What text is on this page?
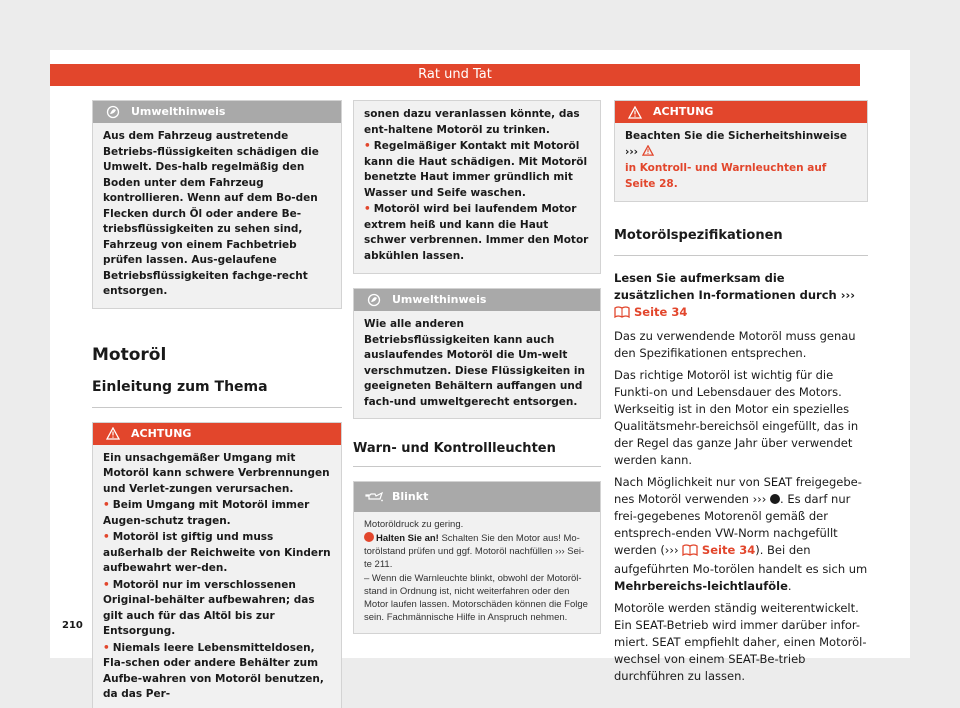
Rat und Tat
Umwelthinweis
Aus dem Fahrzeug austretende Betriebs-flüssigkeiten schädigen die Umwelt. Des-halb regelmäßig den Boden unter dem Fahrzeug kontrollieren. Wenn auf dem Bo-den Flecken durch Öl oder andere Be-triebsflüssigkeiten zu sehen sind, Fahrzeug von einem Fachbetrieb prüfen lassen. Aus-gelaufene Betriebsflüssigkeiten fachge-recht entsorgen.
Motoröl
Einleitung zum Thema
ACHTUNG

Ein unsachgemäßer Umgang mit Motoröl kann schwere Verbrennungen und Verlet-zungen verursachen.

• Beim Umgang mit Motoröl immer Augen-schutz tragen.

• Motoröl ist giftig und muss außerhalb der Reichweite von Kindern aufbewahrt wer-den.

• Motoröl nur im verschlossenen Original-behälter aufbewahren; das gilt auch für das Altöl bis zur Entsorgung.

• Niemals leere Lebensmitteldosen, Fla-schen oder andere Behälter zum Aufbe-wahren von Motoröl benutzen, da das Per-

sonen dazu veranlassen könnte, das ent-haltene Motoröl zu trinken.

• Regelmäßiger Kontakt mit Motoröl kann die Haut schädigen. Mit Motoröl benetzte Haut immer gründlich mit Wasser und Seife waschen.

• Motoröl wird bei laufendem Motor extrem heiß und kann die Haut schwer verbrennen. Immer den Motor abkühlen lassen.

Umwelthinweis
Wie alle anderen Betriebsflüssigkeiten kann auch auslaufendes Motoröl die Um-welt verschmutzen. Diese Flüssigkeiten in geeigneten Behältern auffangen und fach-und umweltgerecht entsorgen.
Warn- und Kontrollleuchten
Blinkt

Motoröldruck zu gering.

Halten Sie an! Schalten Sie den Motor aus! Mo-torölstand prüfen und ggf. Motoröl nachfüllen ››› Sei-te 211.

– Wenn die Warnleuchte blinkt, obwohl der Motoröl-stand in Ordnung ist, nicht weiterfahren oder den Motor laufen lassen. Motorschäden können die Folge sein. Fachmännische Hilfe in Anspruch nehmen.

ACHTUNG

Beachten Sie die Sicherheitshinweise ›››

in Kontroll- und Warnleuchten auf Seite 28.

Motorölspezifikationen

Lesen Sie aufmerksam die zusätzlichen In-formationen durch ›››  Seite 34

Das zu verwendende Motoröl muss genau den Spezifikationen entsprechen.

Das richtige Motoröl ist wichtig für die Funkti-on und Lebensdauer des Motors. Werkseitig ist in den Motor ein spezielles Qualitätsmehr-bereichsöl eingefüllt, das in der Regel das ganze Jahr über verwendet werden kann.

Nach Möglichkeit nur von SEAT freigegebe-nes Motoröl verwenden ››› . Es darf nur frei-gegebenes Motorenöl gemäß der entsprech-enden VW-Norm nachgefüllt werden (››› Seite 34). Bei den aufgeführten Mo-torölen handelt es sich um Mehrbereichs-leichtlauföle.

Motoröle werden ständig weiterentwickelt. Ein SEAT-Betrieb wird immer darüber infor-miert. SEAT empfiehlt daher, einen Motoröl-wechsel von einem SEAT-Be-trieb durchführen zu lassen.

210
